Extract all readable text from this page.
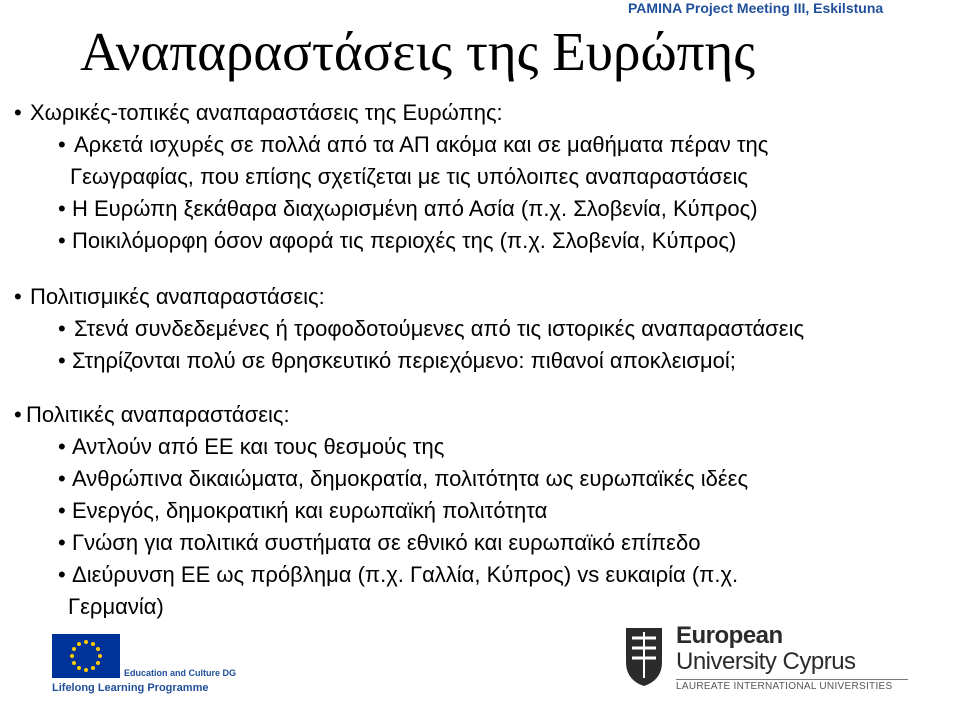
PAMINA Project Meeting III, Eskilstuna
Αναπαραστάσεις της Ευρώπης
• Χωρικές-τοπικές αναπαραστάσεις της Ευρώπης:
• Αρκετά ισχυρές σε πολλά από τα ΑΠ ακόμα και σε μαθήματα πέραν της
Γεωγραφίας, που επίσης σχετίζεται με τις υπόλοιπες αναπαραστάσεις
• Η Ευρώπη ξεκάθαρα διαχωρισμένη από Ασία (π.χ. Σλοβενία, Κύπρος)
• Ποικιλόμορφη όσον αφορά τις περιοχές της (π.χ. Σλοβενία, Κύπρος)
• Πολιτισμικές αναπαραστάσεις:
• Στενά συνδεδεμένες ή τροφοδοτούμενες από τις ιστορικές αναπαραστάσεις
• Στηρίζονται πολύ σε θρησκευτικό περιεχόμενο: πιθανοί αποκλεισμοί;
• Πολιτικές αναπαραστάσεις:
• Αντλούν από ΕΕ και τους θεσμούς της
• Ανθρώπινα δικαιώματα, δημοκρατία, πολιτότητα ως ευρωπαϊκές ιδέες
• Ενεργός, δημοκρατική και ευρωπαϊκή πολιτότητα
• Γνώση για πολιτικά συστήματα σε εθνικό και ευρωπαϊκό επίπεδο
• Διεύρυνση ΕΕ ως πρόβλημα (π.χ. Γαλλία, Κύπρος) vs ευκαιρία (π.χ.
Γερμανία)
Education and Culture DG
Lifelong Learning Programme
European
University Cyprus
LAUREATE INTERNATIONAL UNIVERSITIES
